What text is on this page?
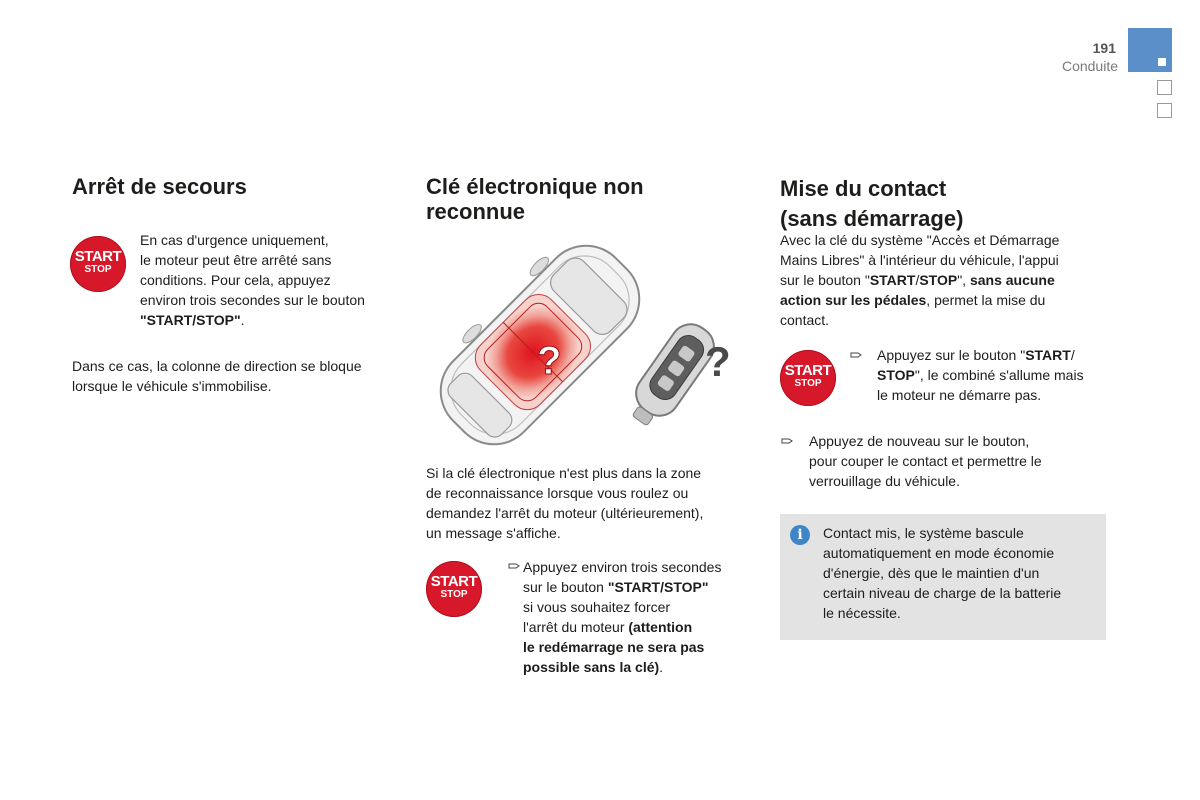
191
Conduite
Arrêt de secours
START
STOP
En cas d'urgence uniquement,
le moteur peut être arrêté sans
conditions. Pour cela, appuyez
environ trois secondes sur le bouton
"START/STOP".
Dans ce cas, la colonne de direction se bloque
lorsque le véhicule s'immobilise.
Clé électronique non
reconnue
?	?
Si la clé électronique n'est plus dans la zone
de reconnaissance lorsque vous roulez ou
demandez l'arrêt du moteur (ultérieurement),
un message s'affiche.
START
STOP
Appuyez environ trois secondes
sur le bouton "START/STOP"
si vous souhaitez forcer
l'arrêt du moteur (attention
le redémarrage ne sera pas
possible sans la clé).
Mise du contact
(sans démarrage)
Avec la clé du système "Accès et Démarrage
Mains Libres" à l'intérieur du véhicule, l'appui
sur le bouton "START/STOP", sans aucune
action sur les pédales, permet la mise du
contact.
START
STOP
Appuyez sur le bouton "START/
STOP", le combiné s'allume mais
le moteur ne démarre pas.
Appuyez de nouveau sur le bouton,
pour couper le contact et permettre le
verrouillage du véhicule.
i	Contact mis, le système bascule
automatiquement en mode économie
d'énergie, dès que le maintien d'un
certain niveau de charge de la batterie
le nécessite.
